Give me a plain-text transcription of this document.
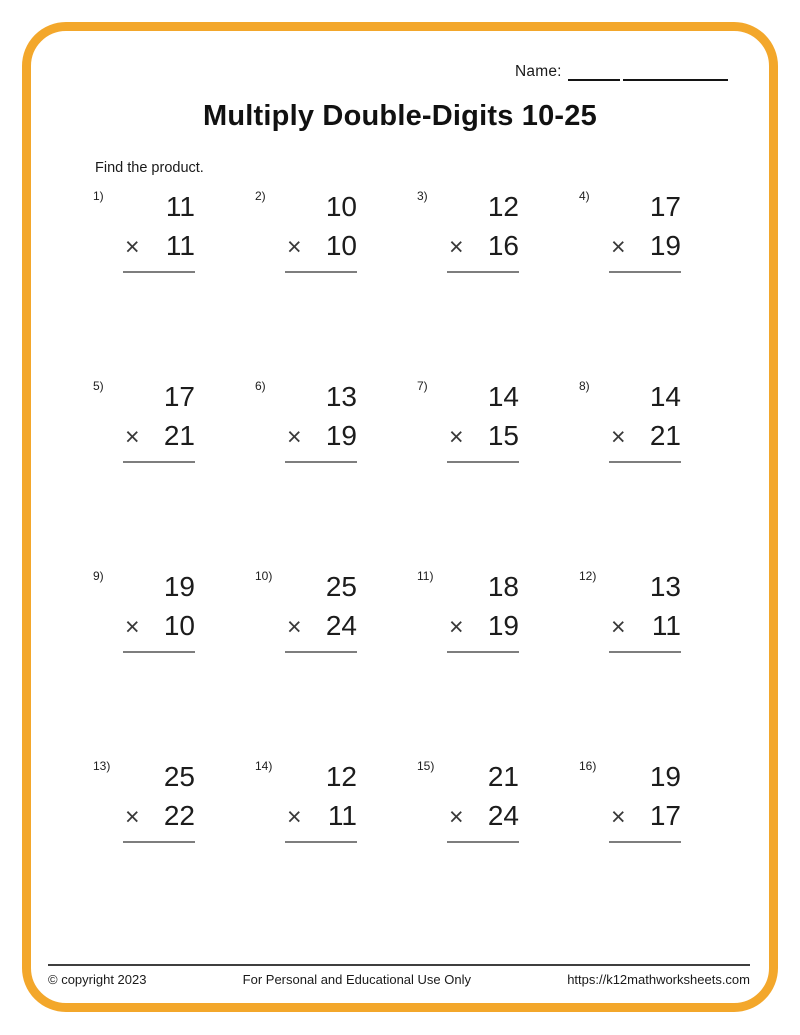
Name:
Multiply Double-Digits 10-25
Find the product.
1)	11
× 11
2)	10
× 10
3)	12
× 16
4)	17
× 19
5)	17
× 21
6)	13
× 19
7)	14
× 15
8)	14
× 21
9)	19
× 10
10)	25
× 24
11)	18
× 19
12)	13
× 11
13)	25
× 22
14)	12
× 11
15)	21
× 24
16)	19
× 17
© copyright 2023	For Personal and Educational Use Only	https://k12mathworksheets.com
